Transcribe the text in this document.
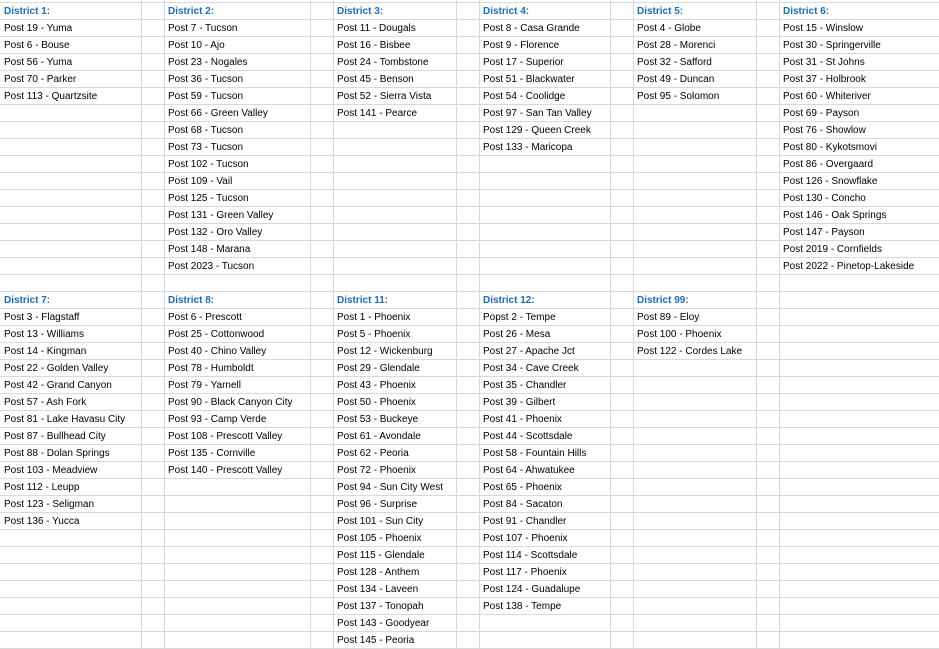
District 1:
Post 19 - Yuma
Post 6 - Bouse
Post 56 - Yuma
Post 70 - Parker
Post 113 - Quartzsite
District 2:
Post 7 - Tucson
Post 10 - Ajo
Post 23 - Nogales
Post 36 - Tucson
Post 59 - Tucson
Post 66 - Green Valley
Post 68 - Tucson
Post 73 - Tucson
Post 102 - Tucson
Post 109 - Vail
Post 125 - Tucson
Post 131 - Green Valley
Post 132 - Oro Valley
Post 148 - Marana
Post 2023 - Tucson
District 3:
Post 11 - Dougals
Post 16 - Bisbee
Post 24 - Tombstone
Post 45 - Benson
Post 52 - Sierra Vista
Post 141 - Pearce
District 4:
Post 8 - Casa Grande
Post 9 - Florence
Post 17 - Superior
Post 51 - Blackwater
Post 54 - Coolidge
Post 97 - San Tan Valley
Post 129 - Queen Creek
Post 133 - Maricopa
District 5:
Post 4 - Globe
Post 28 - Morenci
Post 32 - Safford
Post 49 - Duncan
Post 95 - Solomon
District 6:
Post 15 - Winslow
Post 30 - Springerville
Post 31 - St Johns
Post 37 - Holbrook
Post 60 - Whiteriver
Post 69 - Payson
Post 76 - Showlow
Post 80 - Kykotsmovi
Post 86 - Overgaard
Post 126 - Snowflake
Post 130 - Concho
Post 146 - Oak Springs
Post 147 - Payson
Post 2019 - Cornfields
Post 2022 - Pinetop-Lakeside
District 7:
Post 3 - Flagstaff
Post 13 - Williams
Post 14 - Kingman
Post 22 - Golden Valley
Post 42 - Grand Canyon
Post 57 - Ash Fork
Post 81 - Lake Havasu City
Post 87 - Bullhead City
Post 88 - Dolan Springs
Post 103 - Meadview
Post 112 - Leupp
Post 123 - Seligman
Post 136 - Yucca
District 8:
Post 6 - Prescott
Post 25 - Cottonwood
Post 40 - Chino Valley
Post 78 - Humboldt
Post 79 - Yarnell
Post 90 - Black Canyon City
Post 93 - Camp Verde
Post 108 - Prescott Valley
Post 135 - Cornville
Post 140 - Prescott Valley
District 11:
Post 1 - Phoenix
Post 5 - Phoenix
Post 12 - Wickenburg
Post 29 - Glendale
Post 43 - Phoenix
Post 50 - Phoenix
Post 53 - Buckeye
Post 61 - Avondale
Post 62 - Peoria
Post 72 - Phoenix
Post 94 - Sun City West
Post 96 - Surprise
Post 101 - Sun City
Post 105 - Phoenix
Post 115 - Glendale
Post 128 - Anthem
Post 134 - Laveen
Post 137 - Tonopah
Post 143 - Goodyear
Post 145 - Peoria
District 12:
Popst 2 - Tempe
Post 26 - Mesa
Post 27 - Apache Jct
Post 34 - Cave Creek
Post 35 - Chandler
Post 39 - Gilbert
Post 41 - Phoenix
Post 44 - Scottsdale
Post 58 - Fountain Hills
Post 64 - Ahwatukee
Post 65 - Phoenix
Post 84 - Sacaton
Post 91 - Chandler
Post 107 - Phoenix
Post 114 - Scottsdale
Post 117 - Phoenix
Post 124 - Guadalupe
Post 138 - Tempe
District 99:
Post 89 - Eloy
Post 100 - Phoenix
Post 122 - Cordes Lake
